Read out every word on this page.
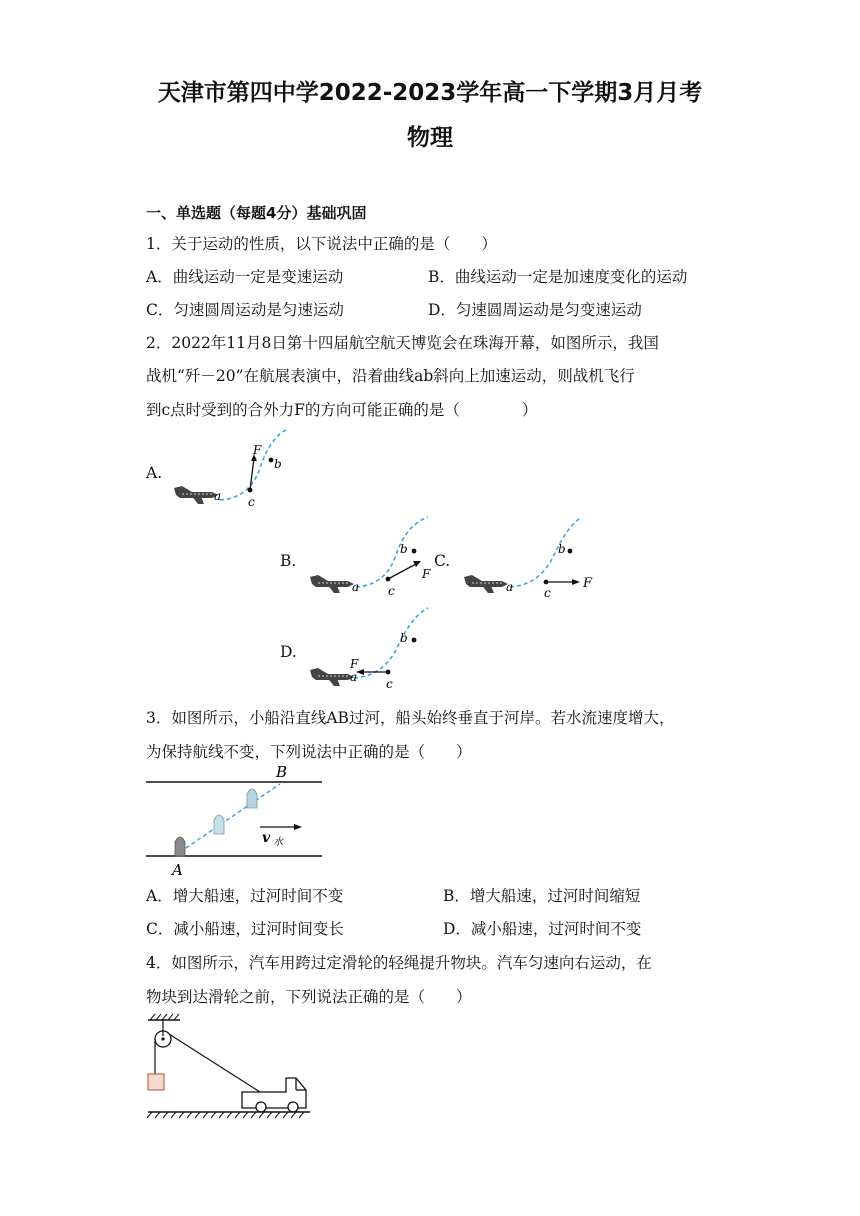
天津市第四中学2022-2023学年高一下学期3月月考
物理
一、单选题（每题4分）基础巩固
1．关于运动的性质，以下说法中正确的是（　　）
A．曲线运动一定是变速运动	B．曲线运动一定是加速度变化的运动
C．匀速圆周运动是匀速运动	D．匀速圆周运动是匀变速运动
2．2022年11月8日第十四届航空航天博览会在珠海开幕，如图所示，我国
战机“歼－20”在航展表演中，沿着曲线ab斜向上加速运动，则战机飞行
到c点时受到的合外力F的方向可能正确的是（　　　　）
A.
B.	C.
D.
F
b
a c
b
F
a c
b
F
a	c
b
F
a c
3．如图所示，小船沿直线AB过河，船头始终垂直于河岸。若水流速度增大，
为保持航线不变，下列说法中正确的是（　　）
v 水
B
A
A．增大船速，过河时间不变	B．增大船速，过河时间缩短
C．减小船速，过河时间变长	D．减小船速，过河时间不变
4．如图所示，汽车用跨过定滑轮的轻绳提升物块。汽车匀速向右运动，在
物块到达滑轮之前，下列说法正确的是（　　）
